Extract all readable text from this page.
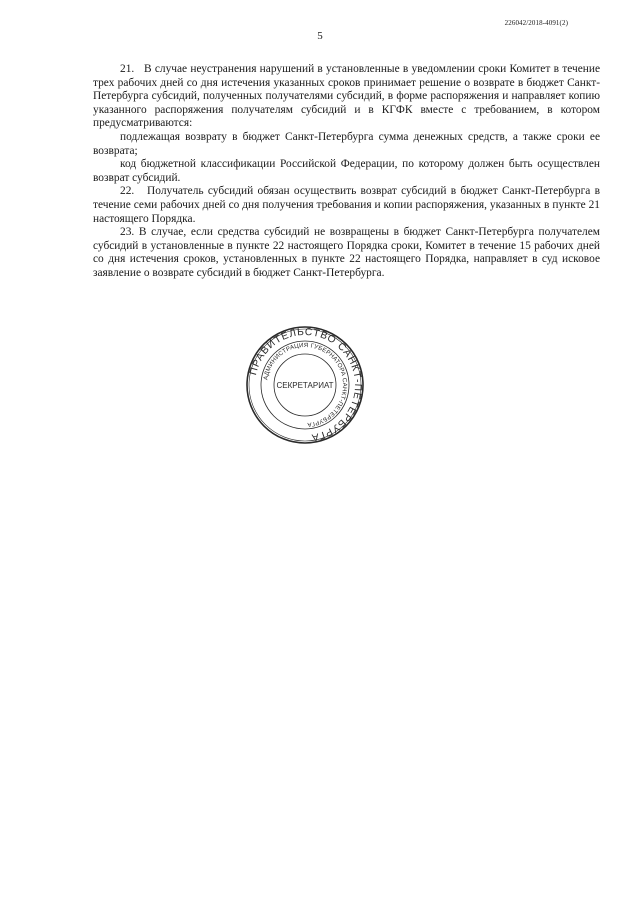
226042/2018-4091(2)
5

21.   В случае неустранения нарушений в установленные в уведомлении сроки Комитет в течение трех рабочих дней со дня истечения указанных сроков принимает решение о возврате в бюджет Санкт-Петербурга субсидий, полученных получателями субсидий, в форме распоряжения и направляет копию указанного распоряжения получателям субсидий и в КГФК вместе с требованием, в котором предусматриваются:

подлежащая возврату в бюджет Санкт-Петербурга сумма денежных средств, а также сроки ее возврата;

код бюджетной классификации Российской Федерации, по которому должен быть осуществлен возврат субсидий.

22.   Получатель субсидий обязан осуществить возврат субсидий в бюджет Санкт-Петербурга в течение семи рабочих дней со дня получения требования и копии распоряжения, указанных в пункте 21 настоящего Порядка.

23. В случае, если средства субсидий не возвращены в бюджет Санкт-Петербурга получателем субсидий в установленные в пункте 22 настоящего Порядка сроки, Комитет в течение 15 рабочих дней со дня истечения сроков, установленных в пункте 22 настоящего Порядка, направляет в суд исковое заявление о возврате субсидий в бюджет Санкт-Петербурга.

ПРАВИТЕЛЬСТВО САНКТ-ПЕТЕРБУРГА
АДМИНИСТРАЦИЯ ГУБЕРНАТОРА САНКТ-ПЕТЕРБУРГА
СЕКРЕТАРИАТ
